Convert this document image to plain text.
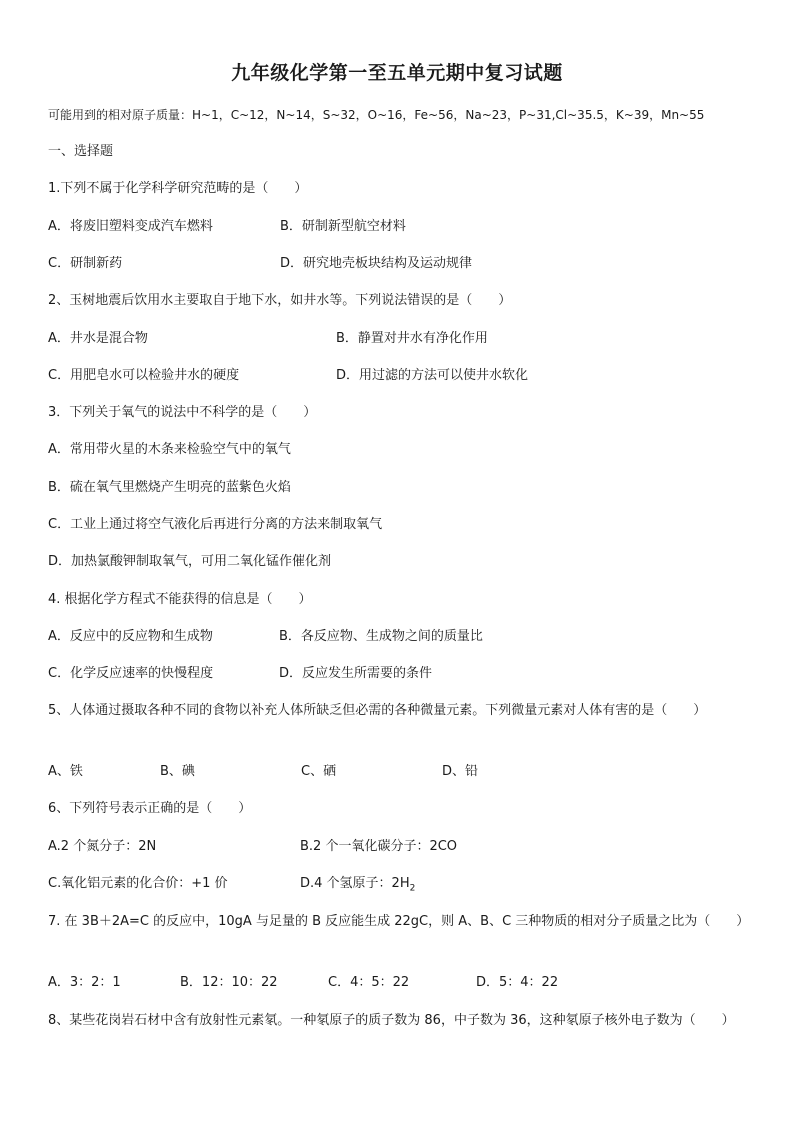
九年级化学第一至五单元期中复习试题
可能用到的相对原子质量：H~1，C~12，N~14，S~32，O~16，Fe~56，Na~23，P~31,Cl~35.5，K~39，Mn~55
一、选择题
1.下列不属于化学科学研究范畴的是（　　）
A．将废旧塑料变成汽车燃料	B．研制新型航空材料
C．研制新药	D．研究地壳板块结构及运动规律
2、玉树地震后饮用水主要取自于地下水，如井水等。下列说法错误的是（　　）
A．井水是混合物	B．静置对井水有净化作用
C．用肥皂水可以检验井水的硬度	D．用过滤的方法可以使井水软化
3．下列关于氧气的说法中不科学的是（　　）
A．常用带火星的木条来检验空气中的氧气
B．硫在氧气里燃烧产生明亮的蓝紫色火焰
C．工业上通过将空气液化后再进行分离的方法来制取氧气
D．加热氯酸钾制取氧气，可用二氧化锰作催化剂
4. 根据化学方程式不能获得的信息是（　　）
A．反应中的反应物和生成物	B．各反应物、生成物之间的质量比
C．化学反应速率的快慢程度	D．反应发生所需要的条件
5、人体通过摄取各种不同的食物以补充人体所缺乏但必需的各种微量元素。下列微量元素对人体有害的是（　　）
A、铁	B、碘	C、硒	D、铅
6、下列符号表示正确的是（　　）
A.2 个氮分子：2N	B.2 个一氧化碳分子：2CO
C.氧化铝元素的化合价：+1 价	D.4 个氢原子：$2H_2$
7. 在 3B＋2A=C 的反应中，10gA 与足量的 B 反应能生成 22gC，则 A、B、C 三种物质的相对分子质量之比为（　　）
A．3：2：1	B．12：10：22	C．4：5：22	D．5：4：22
8、某些花岗岩石材中含有放射性元素氡。一种氡原子的质子数为 86，中子数为 36，这种氡原子核外电子数为（　　）
